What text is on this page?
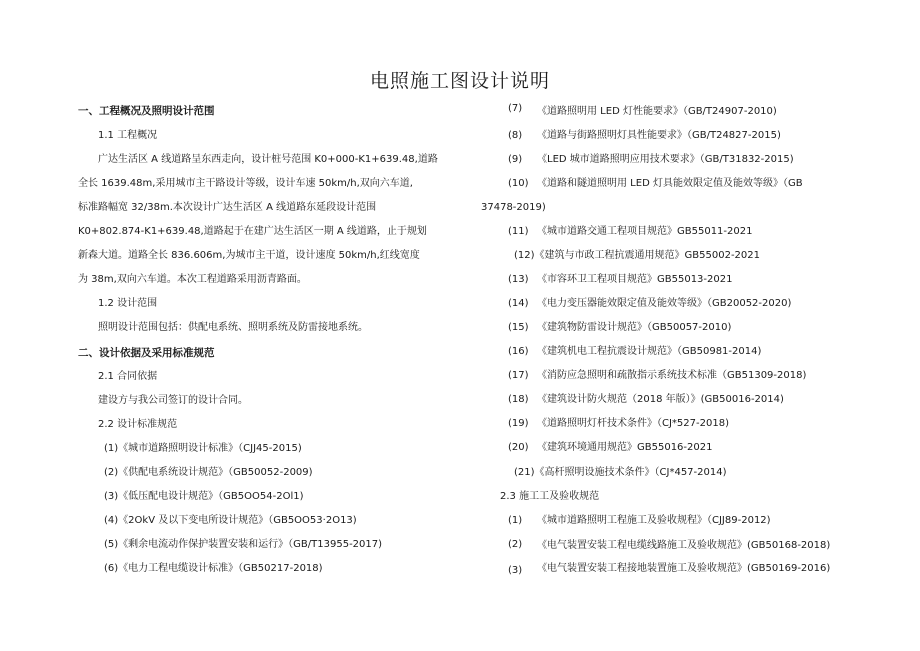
电照施工图设计说明
一、工程概况及照明设计范围
1.1 工程概况
广达生活区 A 线道路呈东西走向，设计桩号范围 K0+000-K1+639.48,道路
全长 1639.48m,采用城市主干路设计等级，设计车速 50km/h,双向六车道,
标准路幅宽 32/38m.本次设计广达生活区 A 线道路东延段设计范围
K0+802.874-K1+639.48,道路起于在建广达生活区一期 A 线道路，止于规划
新森大道。道路全长 836.606m,为城市主干道，设计速度 50km/h,红线宽度
为 38m,双向六车道。本次工程道路采用沥青路面。
1.2 设计范围
照明设计范围包括：供配电系统、照明系统及防雷接地系统。
二、设计依据及采用标准规范
2.1 合同依据
建设方与我公司签订的设计合同。
2.2 设计标准规范
(1)《城市道路照明设计标准》（CJJ45-2015)
(2)《供配电系统设计规范》（GB50052-2009)
(3)《低压配电设计规范》（GB5OO54-2Ol1)
(4)《2OkV 及以下变电所设计规范》（GB5OO53·2O13)
(5)《剩余电流动作保护装置安装和运行》（GB/T13955-2017)
(6)《电力工程电缆设计标准》（GB50217-2018)
(7) 《道路照明用 LED 灯性能要求》（GB/T24907-2010)
(8) 《道路与街路照明灯具性能要求》（GB/T24827-2015)
(9) 《LED 城市道路照明应用技术要求》（GB/T31832-2015)
(10) 《道路和隧道照明用 LED 灯具能效限定值及能效等级》（GB
37478-2019)
(11) 《城市道路交通工程项目规范》GB55011-2021
(12)《建筑与市政工程抗震通用规范》GB55002-2021
(13) 《市容环卫工程项目规范》GB55013-2021
(14) 《电力变压器能效限定值及能效等级》（GB20052-2020)
(15) 《建筑物防雷设计规范》（GB50057-2010)
(16) 《建筑机电工程抗震设计规范》（GB50981-2014)
(17) 《消防应急照明和疏散指示系统技术标准（GB51309-2018)
(18) 《建筑设计防火规范（2018 年版）》(GB50016-2014)
(19) 《道路照明灯杆技术条件》（CJ*527-2018)
(20) 《建筑环境通用规范》GB55016-2021
(21)《高杆照明设施技术条件》（CJ*457-2014)
2.3 施工工及验收规范
(1) 《城市道路照明工程施工及验收规程》（CJJ89-2012)
(2) 《电气装置安装工程电缆线路施工及验收规范》(GB50168-2018)
(3) 《电气装置安装工程接地装置施工及验收规范》(GB50169-2016)
